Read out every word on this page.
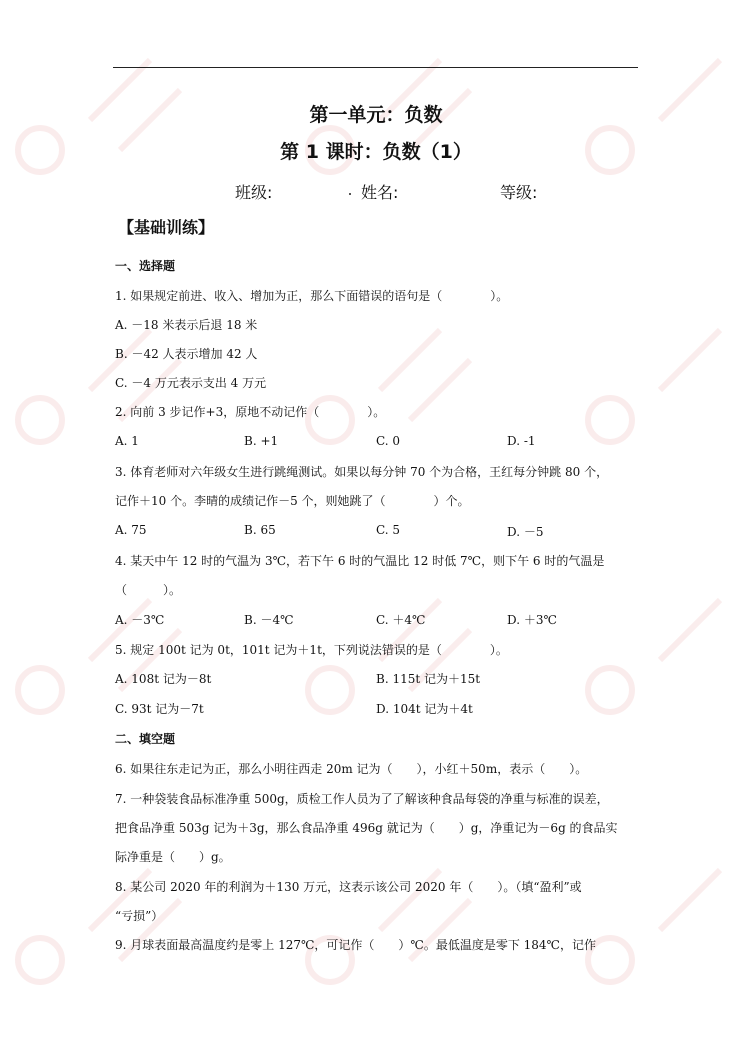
第一单元：负数
第 1 课时：负数（1）
班级:	姓名:	等级:
【基础训练】
一、选择题
1. 如果规定前进、收入、增加为正，那么下面错误的语句是（　　　　）。
A. －18 米表示后退 18 米
B. －42 人表示增加 42 人
C. －4 万元表示支出 4 万元
2. 向前 3 步记作+3，原地不动记作（　　　　）。
A. 1	B. +1	C. 0	D. -1
3. 体育老师对六年级女生进行跳绳测试。如果以每分钟 70 个为合格，王红每分钟跳 80 个，
记作＋10 个。李晴的成绩记作－5 个，则她跳了（　　　　）个。
A. 75	B. 65	C. 5	D. －5
4. 某天中午 12 时的气温为 3℃，若下午 6 时的气温比 12 时低 7℃，则下午 6 时的气温是
（　　　）。
A. －3℃	B. －4℃	C. ＋4℃	D. ＋3℃
5. 规定 100t 记为 0t，101t 记为＋1t，下列说法错误的是（　　　　）。
A. 108t 记为－8t	B. 115t 记为＋15t
C. 93t 记为－7t	D. 104t 记为＋4t
二、填空题
6. 如果往东走记为正，那么小明往西走 20m 记为（　　），小红＋50m，表示（　　）。
7. 一种袋装食品标准净重 500g，质检工作人员为了了解该种食品每袋的净重与标准的误差，
把食品净重 503g 记为＋3g，那么食品净重 496g 就记为（　　）g，净重记为－6g 的食品实
际净重是（　　）g。
8. 某公司 2020 年的利润为＋130 万元，这表示该公司 2020 年（　　）。（填“盈利”或
“亏损”）
9. 月球表面最高温度约是零上 127℃，可记作（　　）℃。最低温度是零下 184℃，记作
